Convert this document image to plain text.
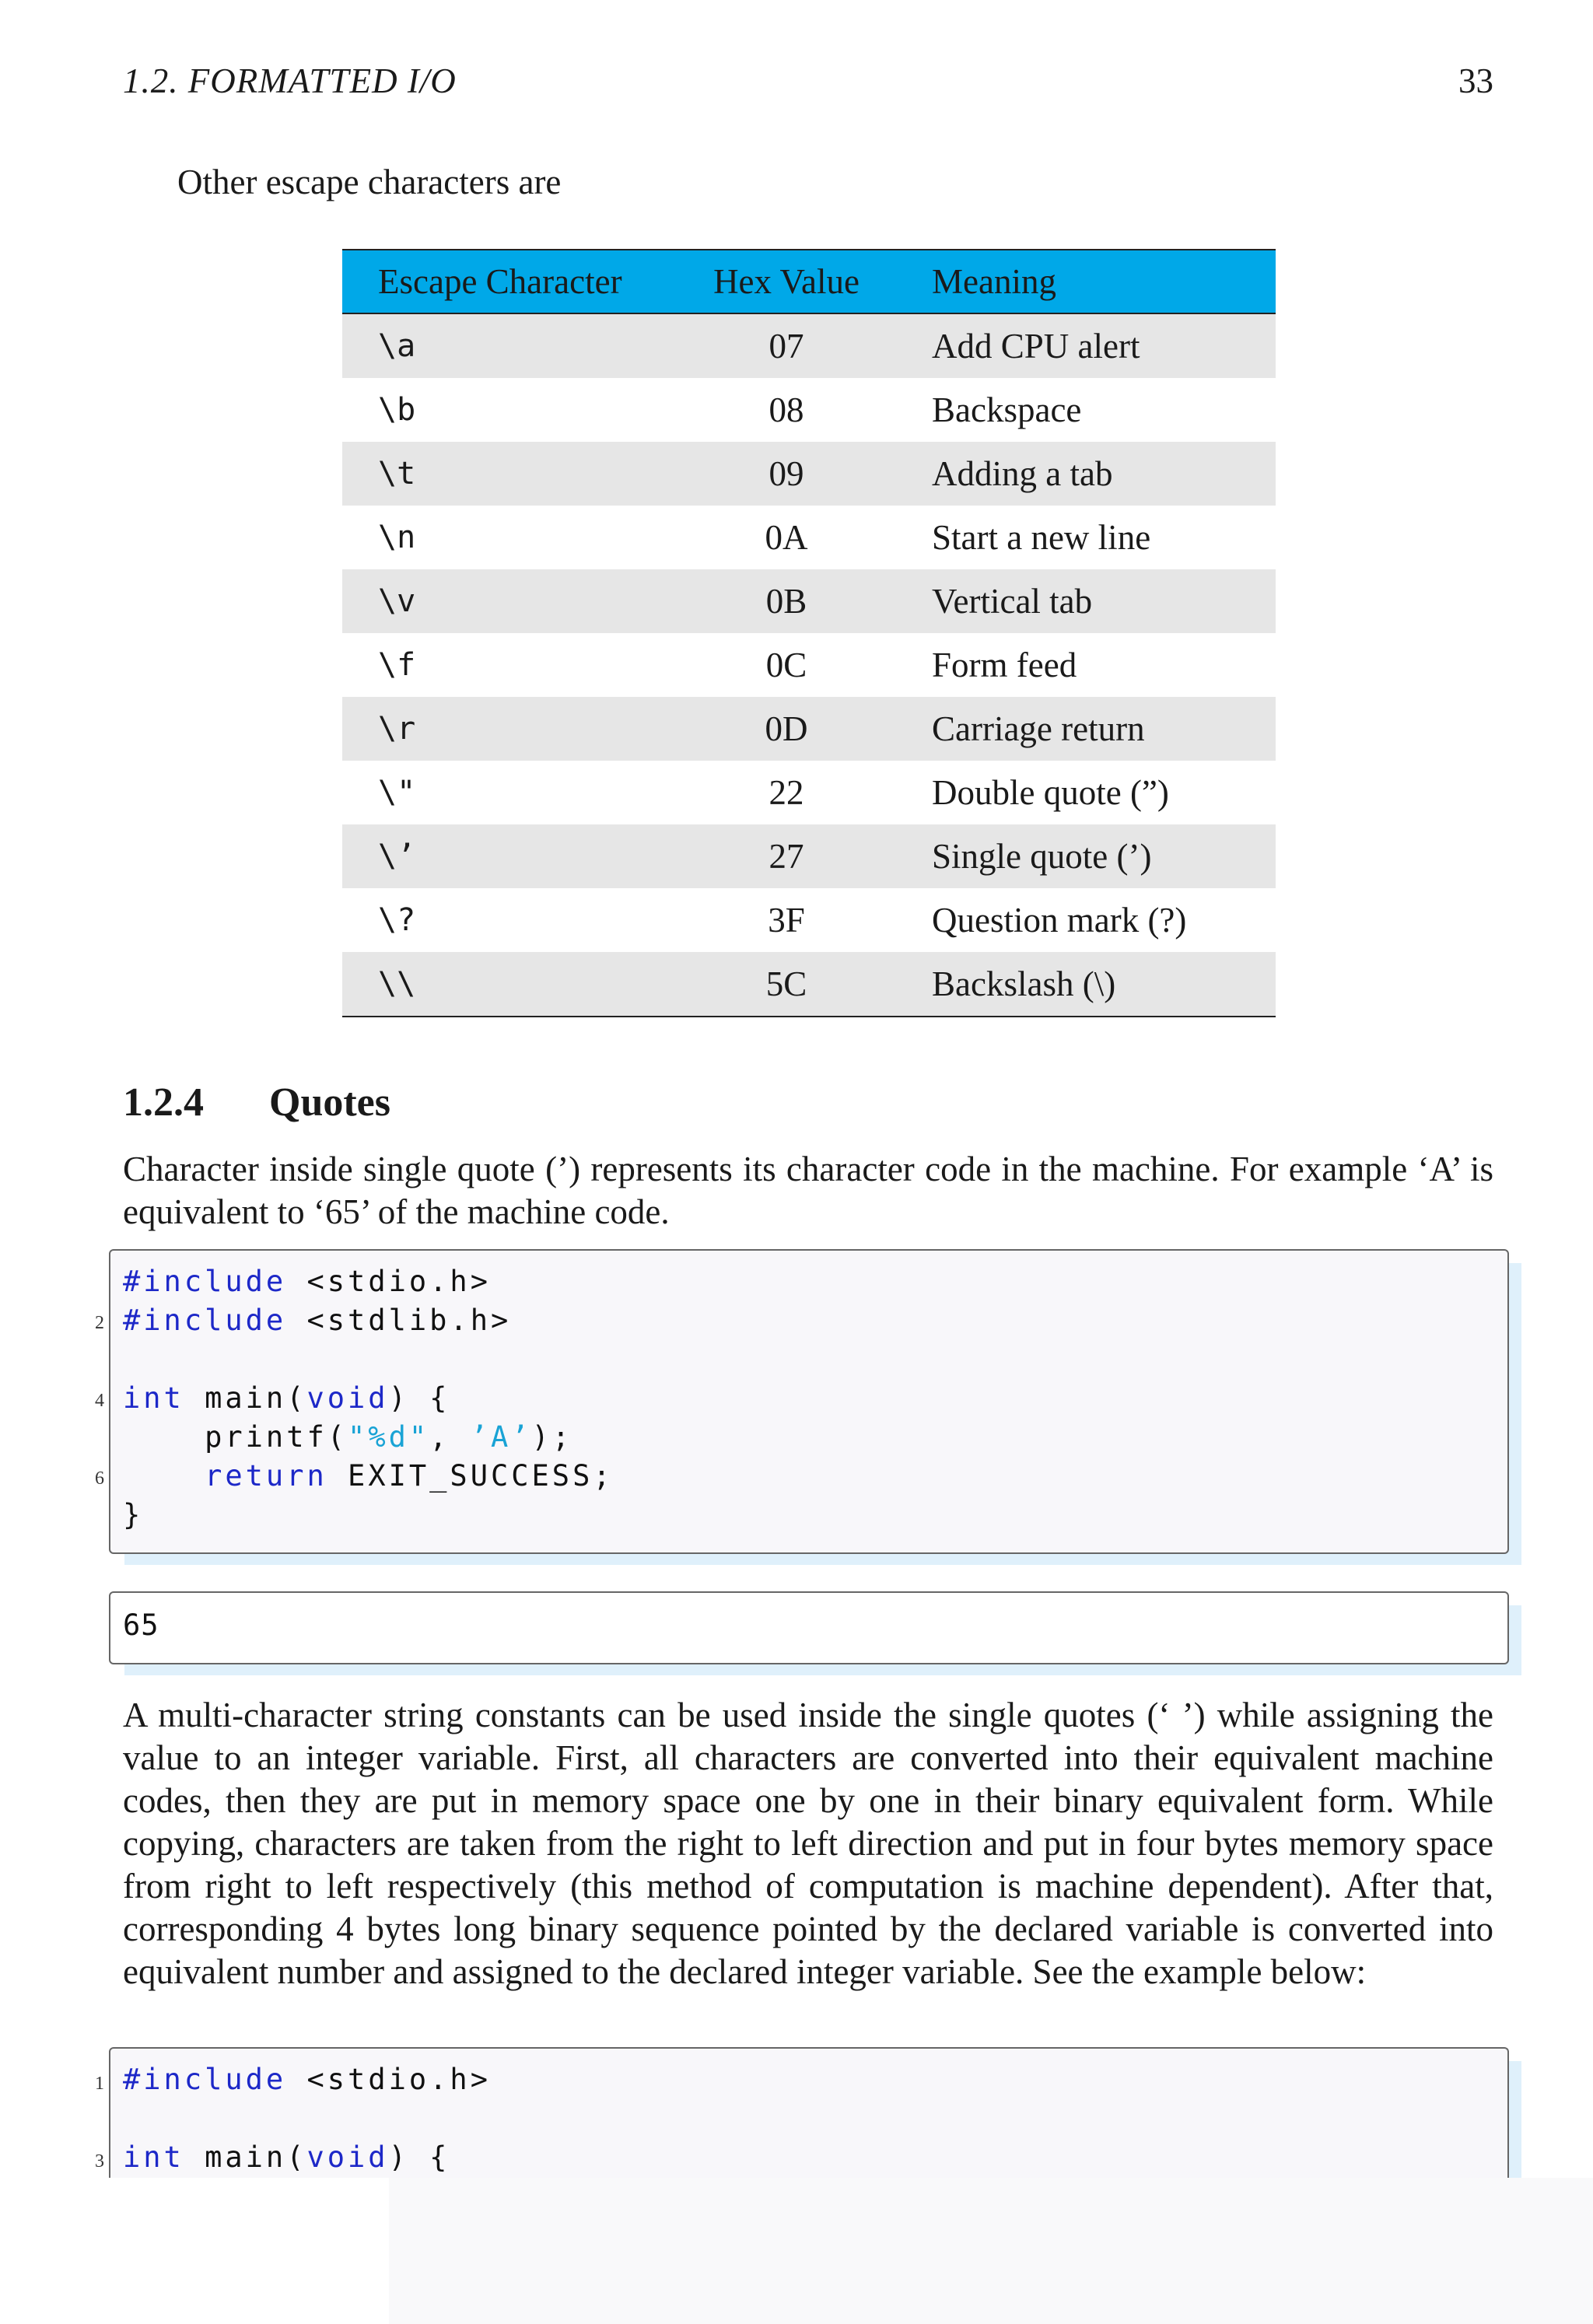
1.2. FORMATTED I/O	33
Other escape characters are
Escape Character	Hex Value	Meaning
\a	07	Add CPU alert
\b	08	Backspace
\t	09	Adding a tab
\n	0A	Start a new line
\v	0B	Vertical tab
\f	0C	Form feed
\r	0D	Carriage return
\"	22	Double quote (”)
\’	27	Single quote (’)
\?	3F	Question mark (?)
\\	5C	Backslash (\)
1.2.4 Quotes
Character inside single quote (’) represents its character code in the machine. For example ‘A’ is equivalent to ‘65’ of the machine code.
2
4
6
#include <stdio.h>
#include <stdlib.h>
int main(void) {
printf("%d", ’A’);
return EXIT_SUCCESS;
}
65
A multi-character string constants can be used inside the single quotes (‘ ’) while assigning the value to an integer variable. First, all characters are converted into their equivalent machine codes, then they are put in memory space one by one in their binary equivalent form. While copying, characters are taken from the right to left direction and put in four bytes memory space from right to left respectively (this method of computation is machine dependent). After that, corresponding 4 bytes long binary sequence pointed by the declared variable is converted into equivalent number and assigned to the declared integer variable. See the example below:
1
3
#include <stdio.h>
int main(void) {
